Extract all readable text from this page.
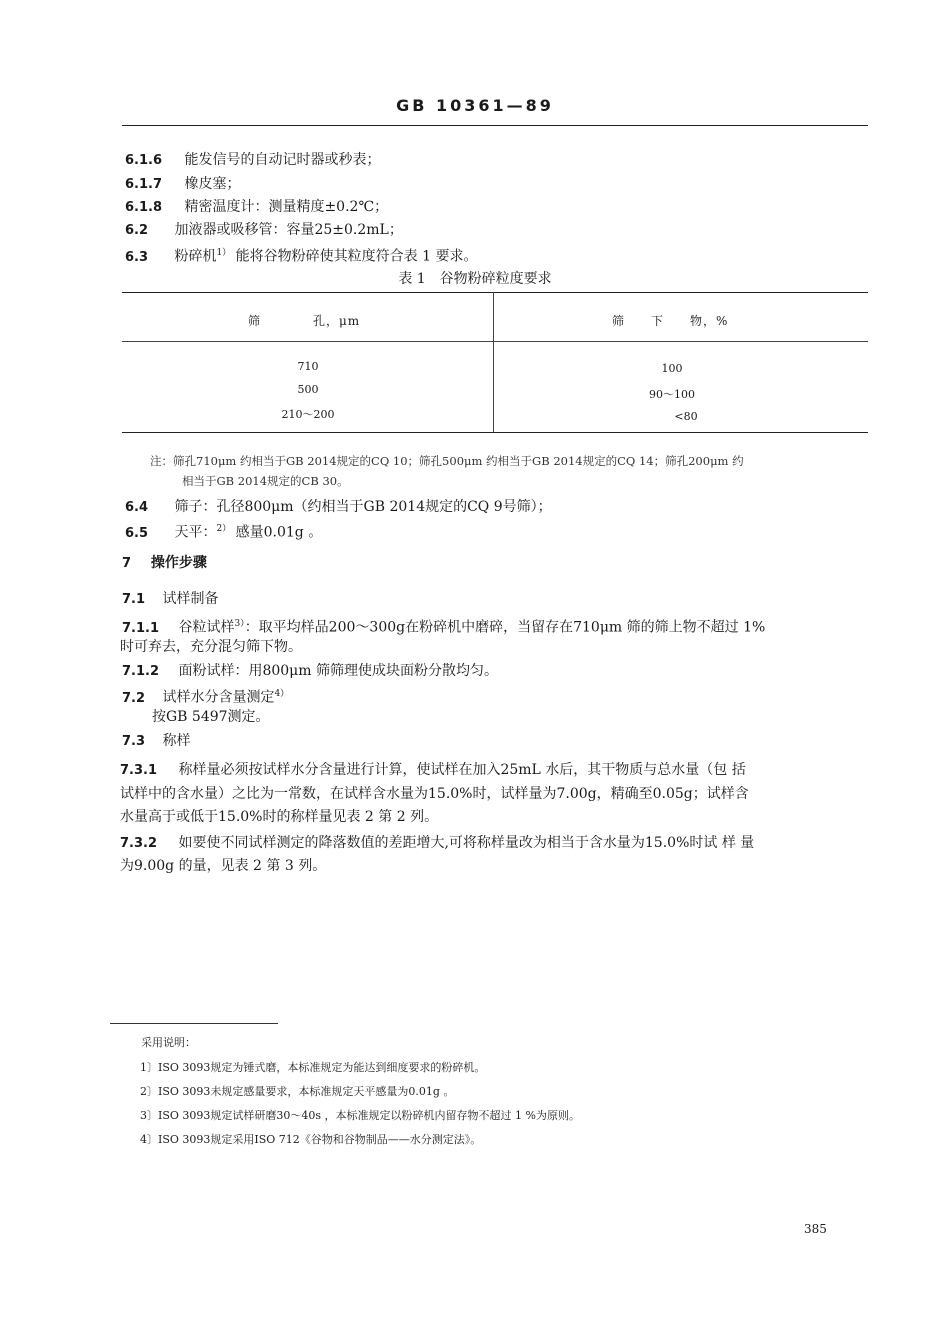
GB 10361—89
6.1.6 能发信号的自动记时器或秒表；
6.1.7 橡皮塞；
6.1.8 精密温度计：测量精度±0.2℃；
6.2 加液器或吸移管：容量25±0.2mL；
6.3 粉碎机$^{1)}$ 能将谷物粉碎使其粒度符合表 1 要求。
表 1　谷物粉碎粒度要求
筛　　　　孔，μm	筛　　下　　物，%
710	100
500	90～100
210～200	<80
注：筛孔710μm 约相当于GB 2014规定的CQ 10；筛孔500μm 约相当于GB 2014规定的CQ 14；筛孔200μm 约
相当于GB 2014规定的CB 30。
6.4 筛子：孔径800μm（约相当于GB 2014规定的CQ 9号筛）；
6.5 天平：$^{2)}$ 感量0.01g 。
7 操作步骤
7.1 试样制备
7.1.1 谷粒试样$^{3)}$：取平均样品200～300g在粉碎机中磨碎，当留存在710μm 筛的筛上物不超过 1%
时可弃去，充分混匀筛下物。
7.1.2 面粉试样：用800μm 筛筛理使成块面粉分散均匀。
7.2 试样水分含量测定$^{4)}$
按GB 5497测定。
7.3 称样
7.3.1 称样量必须按试样水分含量进行计算，使试样在加入25mL 水后，其干物质与总水量（包 括
试样中的含水量）之比为一常数，在试样含水量为15.0%时，试样量为7.00g，精确至0.05g；试样含
水量高于或低于15.0%时的称样量见表 2 第 2 列。
7.3.2 如要使不同试样测定的降落数值的差距增大,可将称样量改为相当于含水量为15.0%时试 样 量
为9.00g 的量，见表 2 第 3 列。
采用说明：
1〕ISO 3093规定为锤式磨，本标准规定为能达到细度要求的粉碎机。
2〕ISO 3093未规定感量要求，本标准规定天平感量为0.01g 。
3〕ISO 3093规定试样研磨30～40s ，本标准规定以粉碎机内留存物不超过 1 %为原则。
4〕ISO 3093规定采用ISO 712《谷物和谷物制品——水分测定法》。
385
